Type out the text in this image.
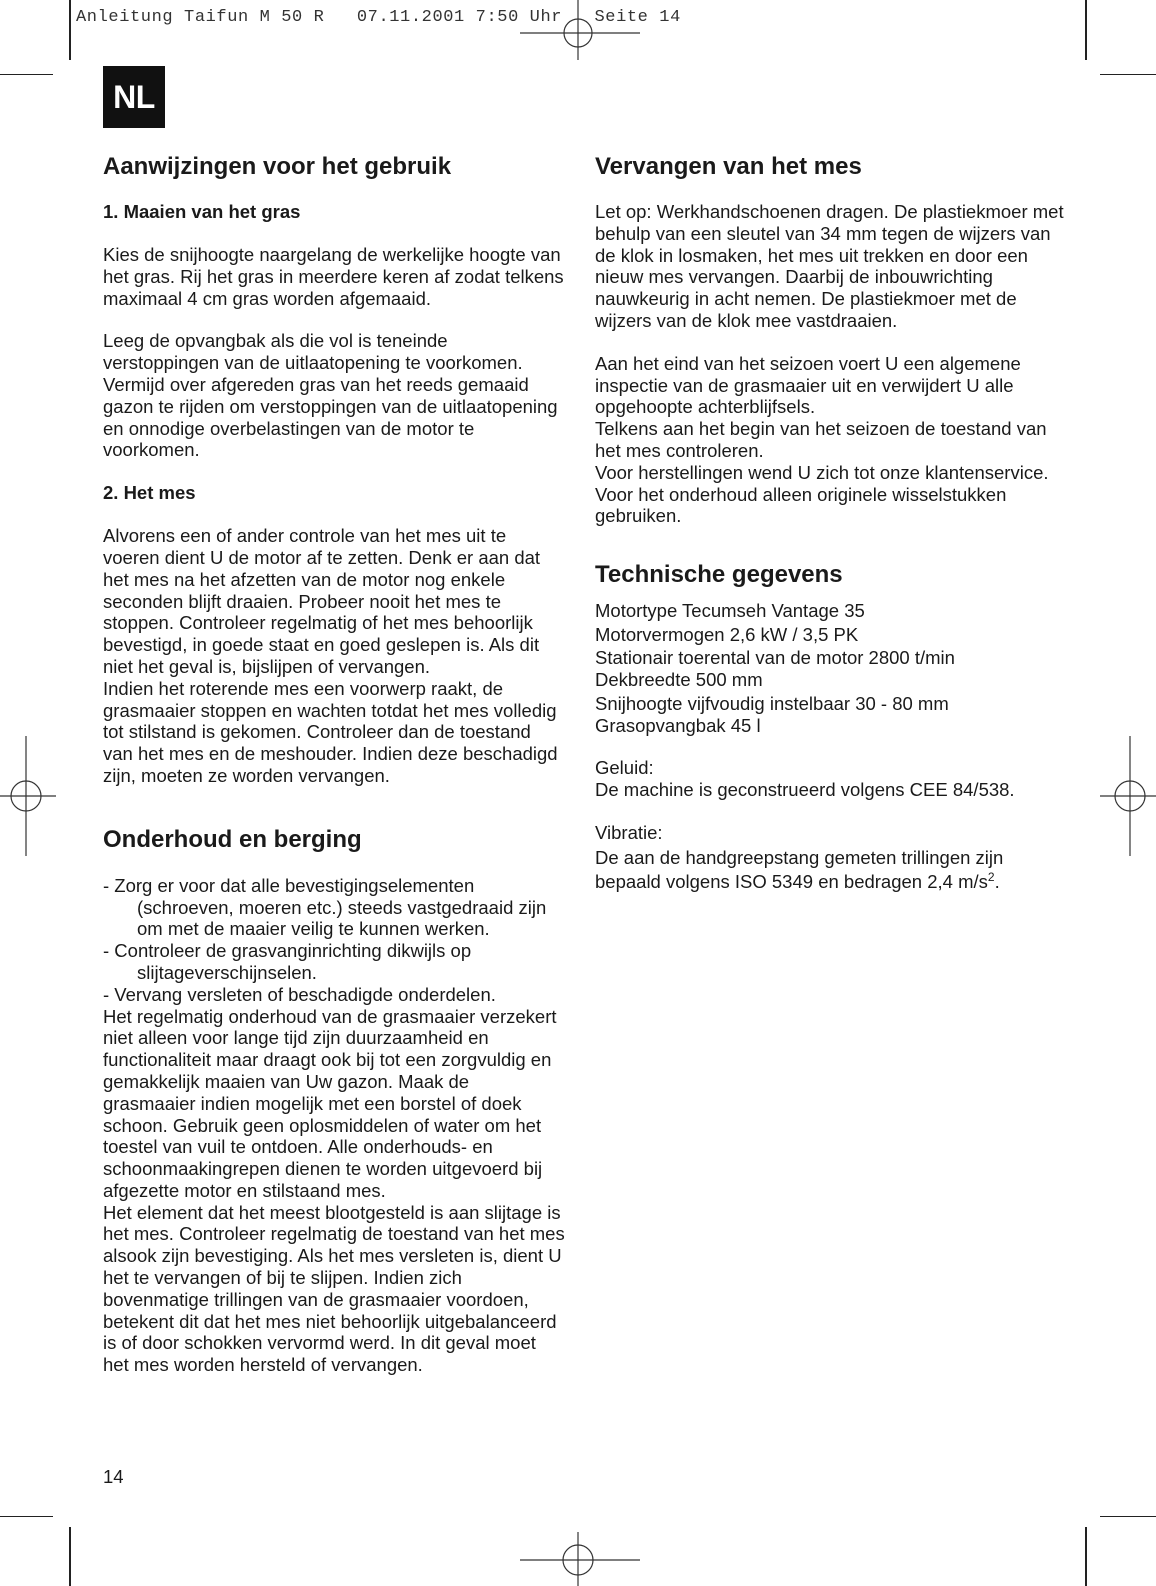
Anleitung Taifun M 50 R   07.11.2001 7:50 Uhr   Seite 14
NL
Aanwijzingen voor het gebruik
1. Maaien van het gras

Kies de snijhoogte naargelang de werkelijke hoogte van het gras. Rij het gras in meerdere keren af zodat telkens maximaal 4 cm gras worden afgemaaid.

Leeg de opvangbak als die vol is teneinde verstoppingen van de uitlaatopening te voorkomen. Vermijd over afgereden gras van het reeds gemaaid gazon te rijden om verstoppingen van de uitlaatopening en onnodige overbelastingen van de motor te voorkomen.

2. Het mes

Alvorens een of ander controle van het mes uit te voeren dient U de motor af te zetten. Denk er aan dat het mes na het afzetten van de motor nog enkele seconden blijft draaien. Probeer nooit het mes te stoppen. Controleer regelmatig of het mes behoorlijk bevestigd, in goede staat en goed geslepen is. Als dit niet het geval is, bijslijpen of vervangen.

Indien het roterende mes een voorwerp raakt, de grasmaaier stoppen en wachten totdat het mes volledig tot stilstand is gekomen. Controleer dan de toestand van het mes en de meshouder. Indien deze beschadigd zijn, moeten ze worden vervangen.

Onderhoud en berging

- Zorg er voor dat alle bevestigingselementen (schroeven, moeren etc.) steeds vastgedraaid zijn om met de maaier veilig te kunnen werken.

- Controleer de grasvanginrichting dikwijls op slijtageverschijnselen.

- Vervang versleten of beschadigde onderdelen.

Het regelmatig onderhoud van de grasmaaier verzekert niet alleen voor lange tijd zijn duurzaamheid en functionaliteit maar draagt ook bij tot een zorgvuldig en gemakkelijk maaien van Uw gazon. Maak de grasmaaier indien mogelijk met een borstel of doek schoon. Gebruik geen oplosmiddelen of water om het toestel van vuil te ontdoen. Alle onderhouds- en schoonmaakingrepen dienen te worden uitgevoerd bij afgezette motor en stilstaand mes.

Het element dat het meest blootgesteld is aan slijtage is het mes. Controleer regelmatig de toestand van het mes alsook zijn bevestiging. Als het mes versleten is, dient U het te vervangen of bij te slijpen. Indien zich bovenmatige trillingen van de grasmaaier voordoen, betekent dit dat het mes niet behoorlijk uitgebalanceerd is of door schokken vervormd werd. In dit geval moet het mes worden hersteld of vervangen.

Vervangen van het mes

Let op: Werkhandschoenen dragen. De plastiekmoer met behulp van een sleutel van 34 mm tegen de wijzers van de klok in losmaken, het mes uit trekken en door een nieuw mes vervangen. Daarbij de inbouwrichting nauwkeurig in acht nemen. De plastiekmoer met de wijzers van de klok mee vastdraaien.

Aan het eind van het seizoen voert U een algemene inspectie van de grasmaaier uit en verwijdert U alle opgehoopte achterblijfsels.

Telkens aan het begin van het seizoen de toestand van het mes controleren.

Voor herstellingen wend U zich tot onze klantenservice.

Voor het onderhoud alleen originele wisselstukken gebruiken.

Technische gegevens

Motortype Tecumseh Vantage 35

Motorvermogen 2,6 kW / 3,5 PK

Stationair toerental van de motor 2800 t/min

Dekbreedte 500 mm

Snijhoogte vijfvoudig instelbaar 30 - 80 mm

Grasopvangbak 45 l

Geluid:

De machine is geconstrueerd volgens CEE 84/538.

Vibratie:

De aan de handgreepstang gemeten trillingen zijn bepaald volgens ISO 5349 en bedragen 2,4 $m/s^2$.

14
